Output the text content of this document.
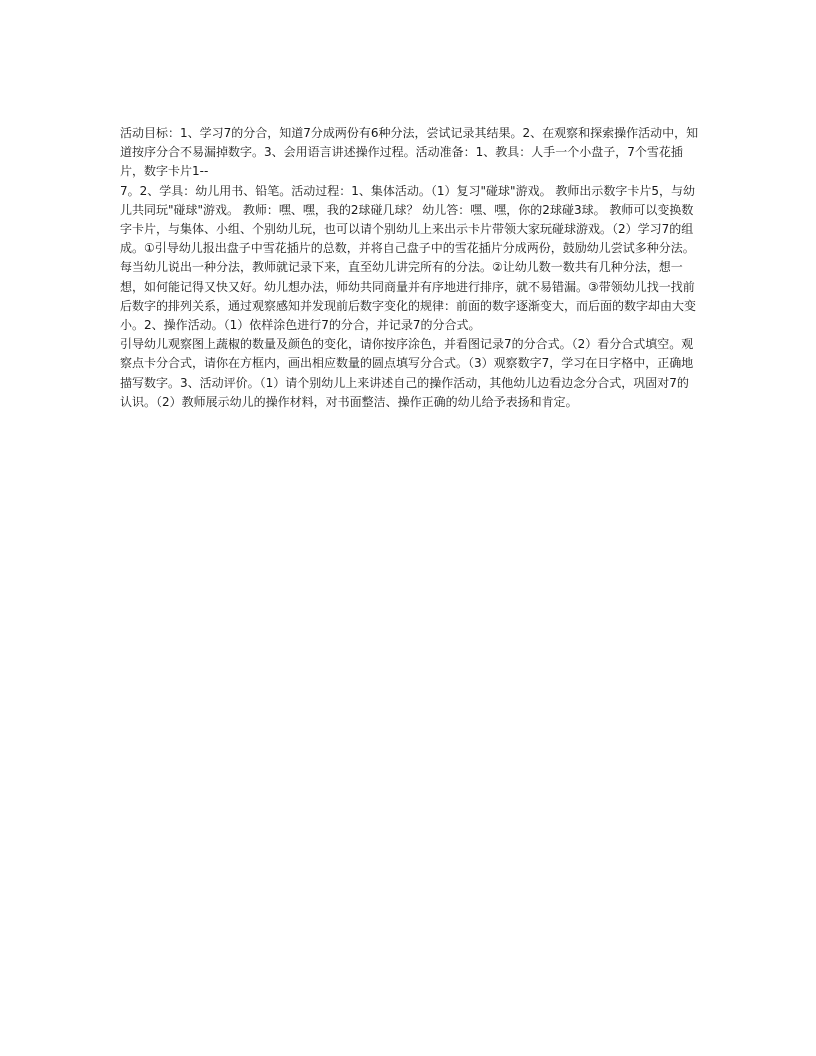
活动目标：1、学习7的分合，知道7分成两份有6种分法，尝试记录其结果。2、在观察和探索操作活动中，知道按序分合不易漏掉数字。3、会用语言讲述操作过程。活动准备：1、教具：人手一个小盘子，7个雪花插片，数字卡片1--

7。2、学具：幼儿用书、铅笔。活动过程：1、集体活动。（1）复习"碰球"游戏。 教师出示数字卡片5，与幼儿共同玩"碰球"游戏。 教师：嘿、嘿，我的2球碰几球？ 幼儿答：嘿、嘿，你的2球碰3球。 教师可以变换数字卡片，与集体、小组、个别幼儿玩，也可以请个别幼儿上来出示卡片带领大家玩碰球游戏。（2）学习7的组成。①引导幼儿报出盘子中雪花插片的总数，并将自己盘子中的雪花插片分成两份，鼓励幼儿尝试多种分法。每当幼儿说出一种分法，教师就记录下来，直至幼儿讲完所有的分法。②让幼儿数一数共有几种分法，想一想，如何能记得又快又好。幼儿想办法，师幼共同商量并有序地进行排序，就不易错漏。③带领幼儿找一找前后数字的排列关系，通过观察感知并发现前后数字变化的规律：前面的数字逐渐变大，而后面的数字却由大变小。2、操作活动。（1）依样涂色进行7的分合，并记录7的分合式。

引导幼儿观察图上蔬椒的数量及颜色的变化，请你按序涂色，并看图记录7的分合式。（2）看分合式填空。观察点卡分合式，请你在方框内，画出相应数量的圆点填写分合式。（3）观察数字7，学习在日字格中，正确地描写数字。3、活动评价。（1）请个别幼儿上来讲述自己的操作活动，其他幼儿边看边念分合式，巩固对7的认识。（2）教师展示幼儿的操作材料，对书面整洁、操作正确的幼儿给予表扬和肯定。
